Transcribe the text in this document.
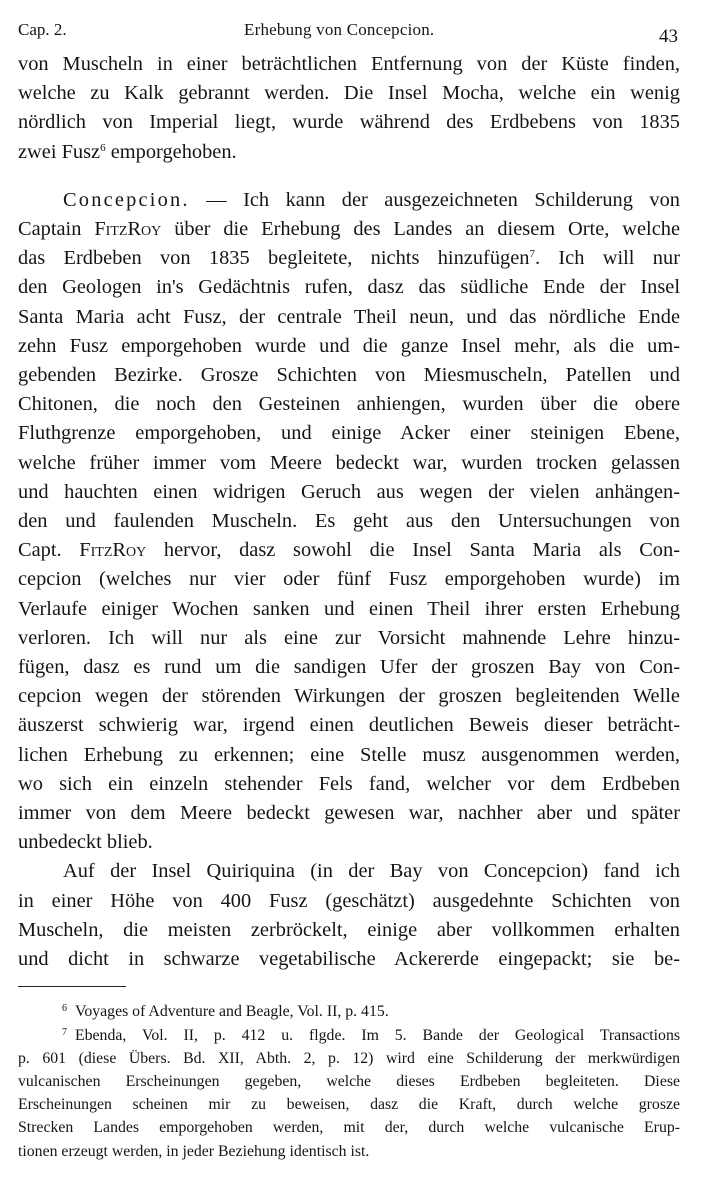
Cap. 2.	Erhebung von Concepcion.	43

von Muscheln in einer beträchtlichen Entfernung von der Küste finden,
welche zu Kalk gebrannt werden. Die Insel Mocha, welche ein wenig
nördlich von Imperial liegt, wurde während des Erdbebens von 1835
zwei Fusz$^6$ emporgehoben.

Concepcion. — Ich kann der ausgezeichneten Schilderung von
Captain FitzRoy über die Erhebung des Landes an diesem Orte, welche
das Erdbeben von 1835 begleitete, nichts hinzufügen$^7$. Ich will nur
den Geologen in's Gedächtnis rufen, dasz das südliche Ende der Insel
Santa Maria acht Fusz, der centrale Theil neun, und das nördliche Ende
zehn Fusz emporgehoben wurde und die ganze Insel mehr, als die um-
gebenden Bezirke. Grosze Schichten von Miesmuscheln, Patellen und
Chitonen, die noch den Gesteinen anhiengen, wurden über die obere
Fluthgrenze emporgehoben, und einige Acker einer steinigen Ebene,
welche früher immer vom Meere bedeckt war, wurden trocken gelassen
und hauchten einen widrigen Geruch aus wegen der vielen anhängen-
den und faulenden Muscheln. Es geht aus den Untersuchungen von
Capt. FitzRoy hervor, dasz sowohl die Insel Santa Maria als Con-
cepcion (welches nur vier oder fünf Fusz emporgehoben wurde) im
Verlaufe einiger Wochen sanken und einen Theil ihrer ersten Erhebung
verloren. Ich will nur als eine zur Vorsicht mahnende Lehre hinzu-
fügen, dasz es rund um die sandigen Ufer der groszen Bay von Con-
cepcion wegen der störenden Wirkungen der groszen begleitenden Welle
äuszerst schwierig war, irgend einen deutlichen Beweis dieser beträcht-
lichen Erhebung zu erkennen; eine Stelle musz ausgenommen werden,
wo sich ein einzeln stehender Fels fand, welcher vor dem Erdbeben
immer von dem Meere bedeckt gewesen war, nachher aber und später
unbedeckt blieb.

Auf der Insel Quiriquina (in der Bay von Concepcion) fand ich
in einer Höhe von 400 Fusz (geschätzt) ausgedehnte Schichten von
Muscheln, die meisten zerbröckelt, einige aber vollkommen erhalten
und dicht in schwarze vegetabilische Ackererde eingepackt; sie be-

$^6$ Voyages of Adventure and Beagle, Vol. II, p. 415.
$^7$ Ebenda, Vol. II, p. 412 u. flgde. Im 5. Bande der Geological Transactions
p. 601 (diese Übers. Bd. XII, Abth. 2, p. 12) wird eine Schilderung der merkwürdigen
vulcanischen Erscheinungen gegeben, welche dieses Erdbeben begleiteten. Diese
Erscheinungen scheinen mir zu beweisen, dasz die Kraft, durch welche grosze
Strecken Landes emporgehoben werden, mit der, durch welche vulcanische Erup-
tionen erzeugt werden, in jeder Beziehung identisch ist.
